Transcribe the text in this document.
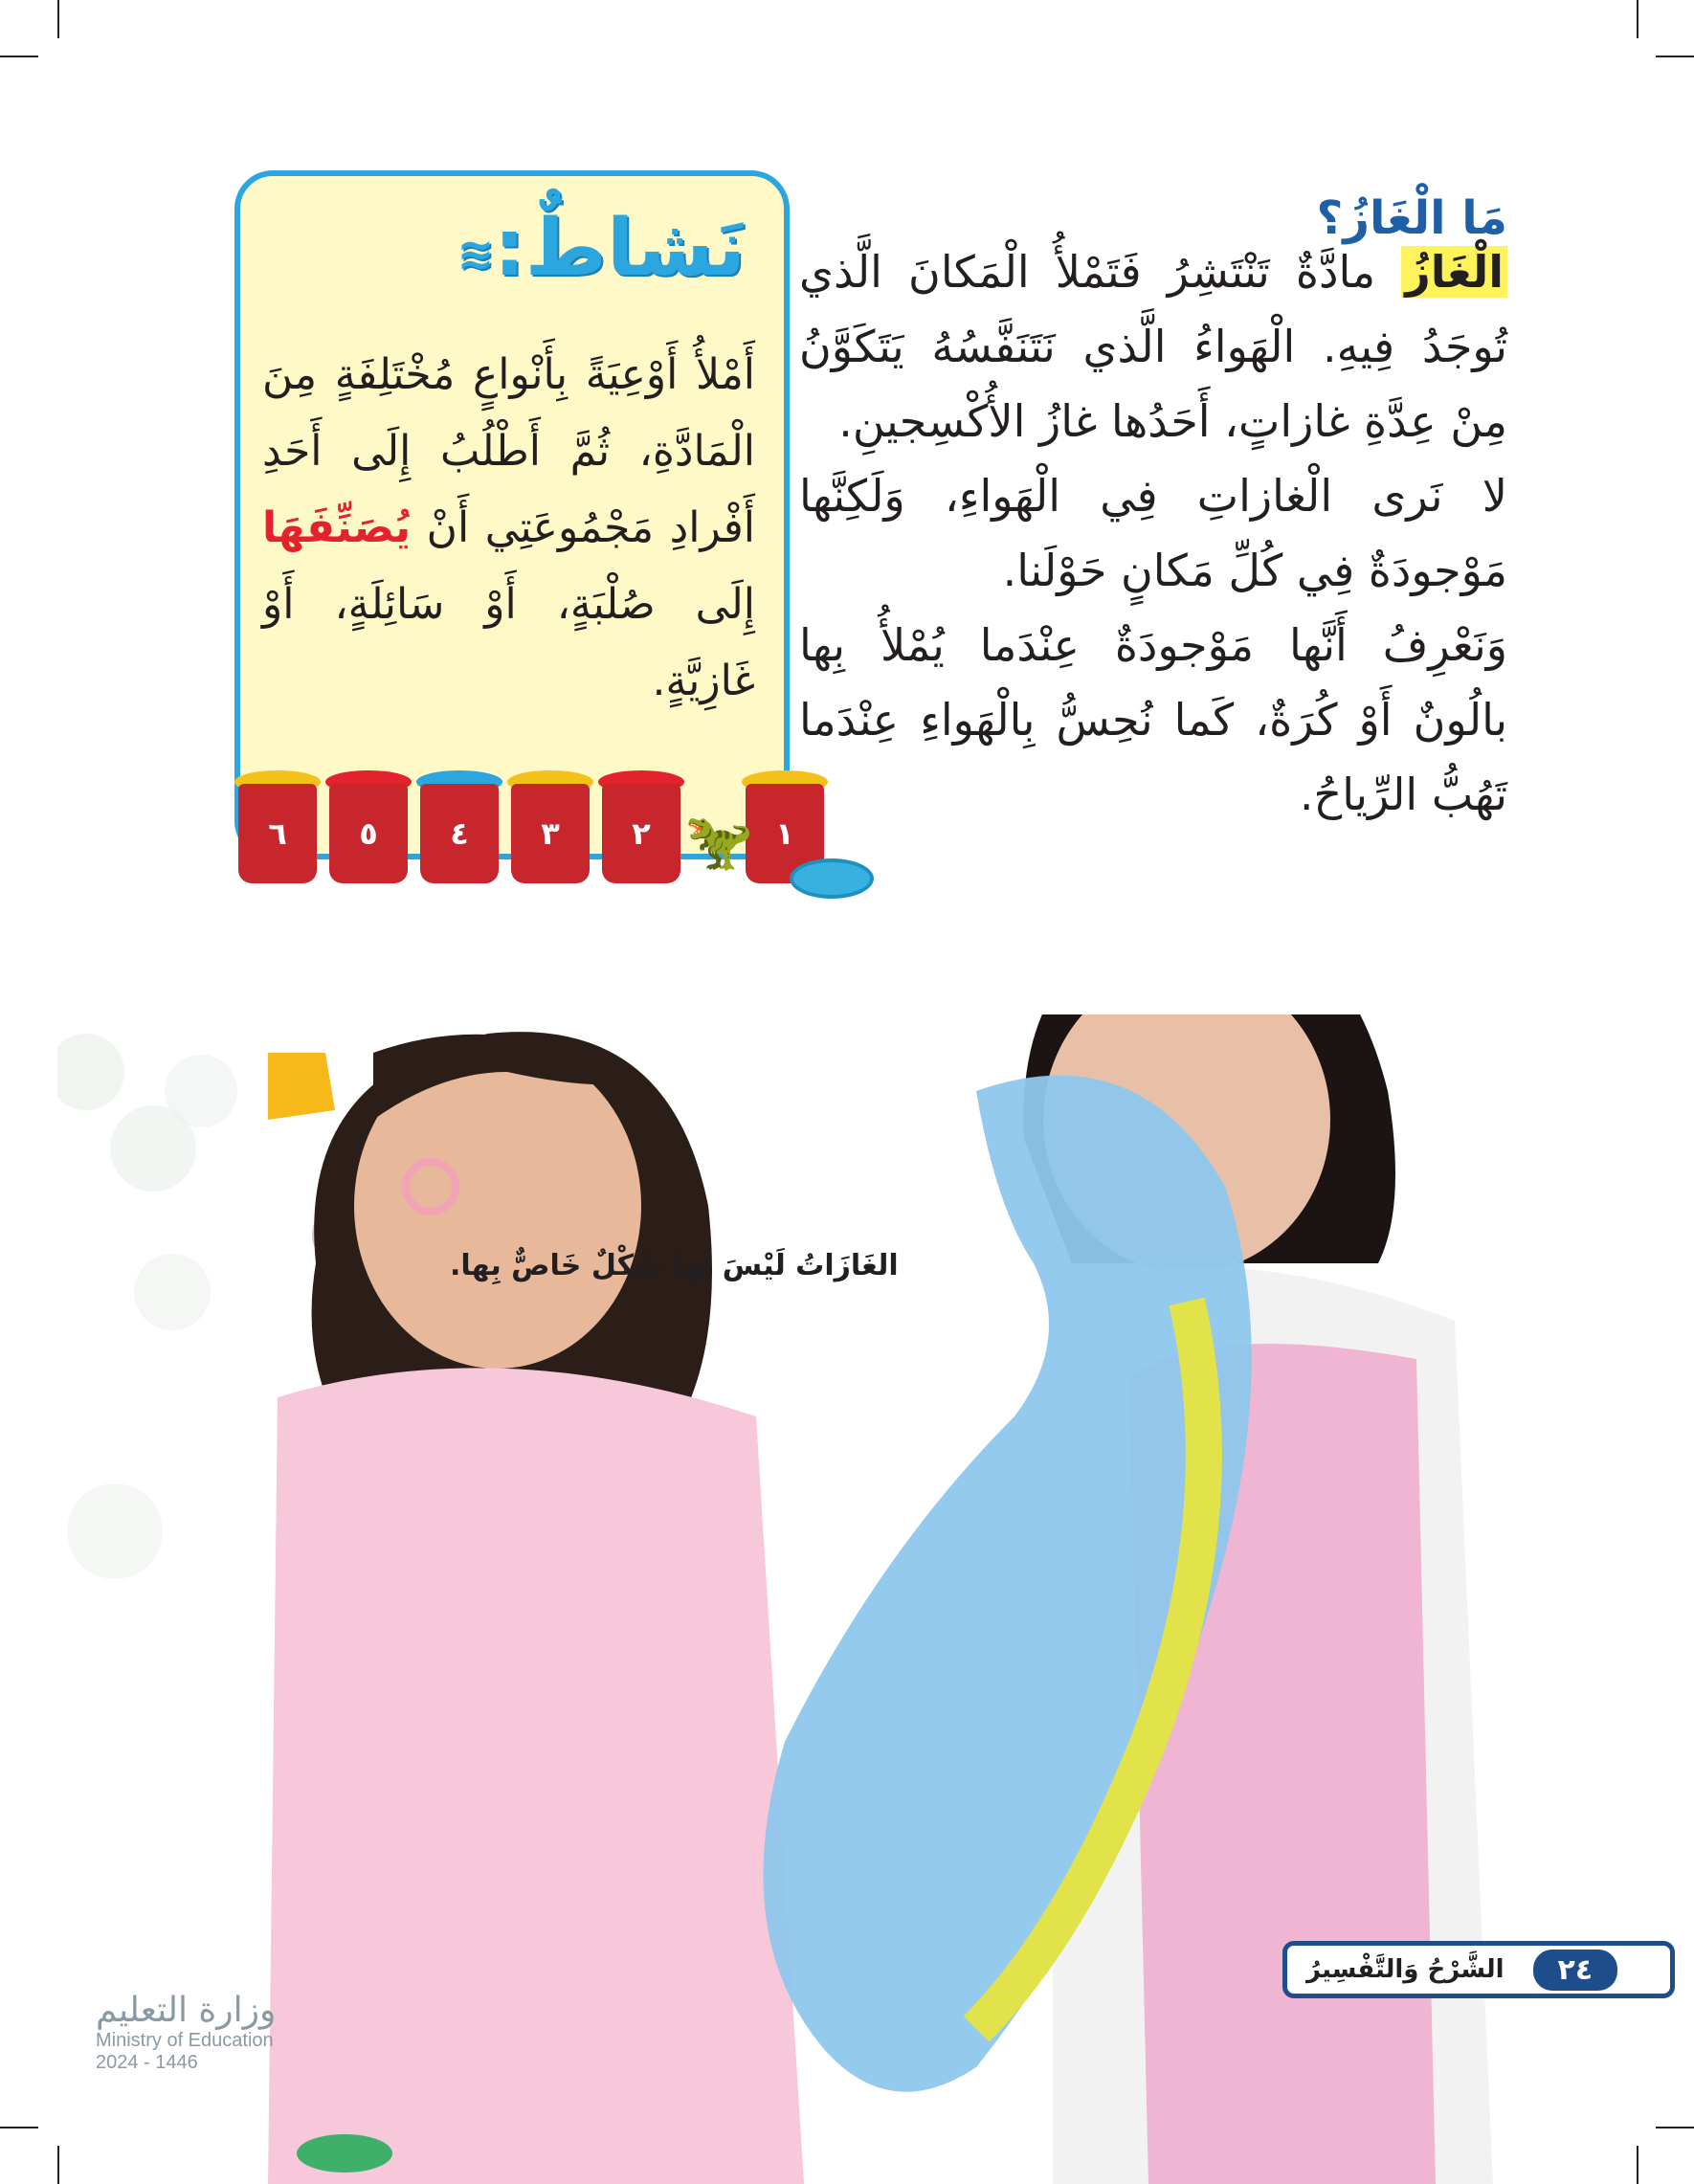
مَا الْغَازُ؟

الْغَازُ مادَّةٌ تَنْتَشِرُ فَتَمْلأُ الْمَكانَ الَّذي تُوجَدُ فِيهِ. الْهَواءُ الَّذي نَتَنَفَّسُهُ يَتَكَوَّنُ مِنْ عِدَّةِ غازاتٍ، أَحَدُها غازُ الأُكْسِجينِ.

لا نَرى الْغازاتِ فِي الْهَواءِ، وَلَكِنَّها مَوْجودَةٌ فِي كُلِّ مَكانٍ حَوْلَنا.

وَنَعْرِفُ أَنَّها مَوْجودَةٌ عِنْدَما يُمْلأُ بِها بالُونٌ أَوْ كُرَةٌ، كَما نُحِسُّ بِالْهَواءِ عِنْدَما تَهُبُّ الرِّياحُ.

نَشاطٌ:≋
أَمْلأُ أَوْعِيَةً بِأَنْواعٍ مُخْتَلِفَةٍ مِنَ الْمَادَّةِ، ثُمَّ أَطْلُبُ إِلَى أَحَدِ أَفْرادِ مَجْمُوعَتِي أَنْ يُصَنِّفَهَا إِلَى صُلْبَةٍ، أَوْ سَائِلَةٍ، أَوْ غَازِيَّةٍ.
٦ ٥ ٤ ٣ ٢	١
🦖
الغَازَاتُ لَيْسَ لَها شَكْلٌ خَاصٌّ بِها.
الشَّرْحُ وَالتَّفْسِيرُ	٢٤
وزارة التعليم
Ministry of Education
2024 - 1446
